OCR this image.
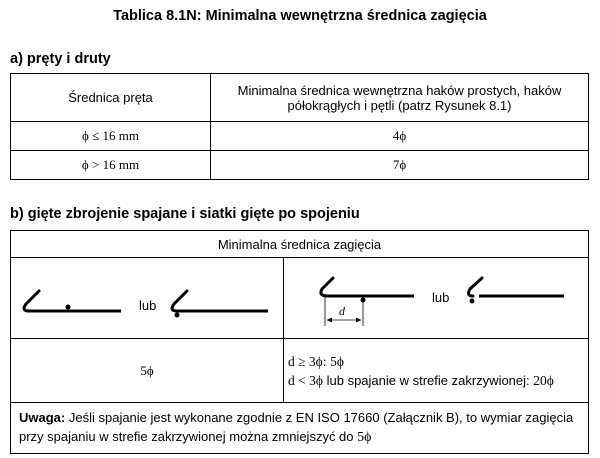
Tablica 8.1N: Minimalna wewnętrzna średnica zagięcia
a) pręty i druty
Średnica pręta	Minimalna średnica wewnętrzna haków prostych, haków półokrągłych i pętli (patrz Rysunek 8.1)
ϕ ≤ 16 mm	4ϕ
ϕ > 16 mm	7ϕ
b) gięte zbrojenie spajane i siatki gięte po spojeniu
Minimalna średnica zagięcia	

lub	lub
d

5ϕ	d ≥ 3ϕ: 5ϕ
d < 3ϕ lub spajanie w strefie zakrzywionej: 20ϕ

Uwaga: Jeśli spajanie jest wykonane zgodnie z EN ISO 17660 (Załącznik B), to wymiar zagięcia przy spajaniu w strefie zakrzywionej można zmniejszyć do 5ϕ	
